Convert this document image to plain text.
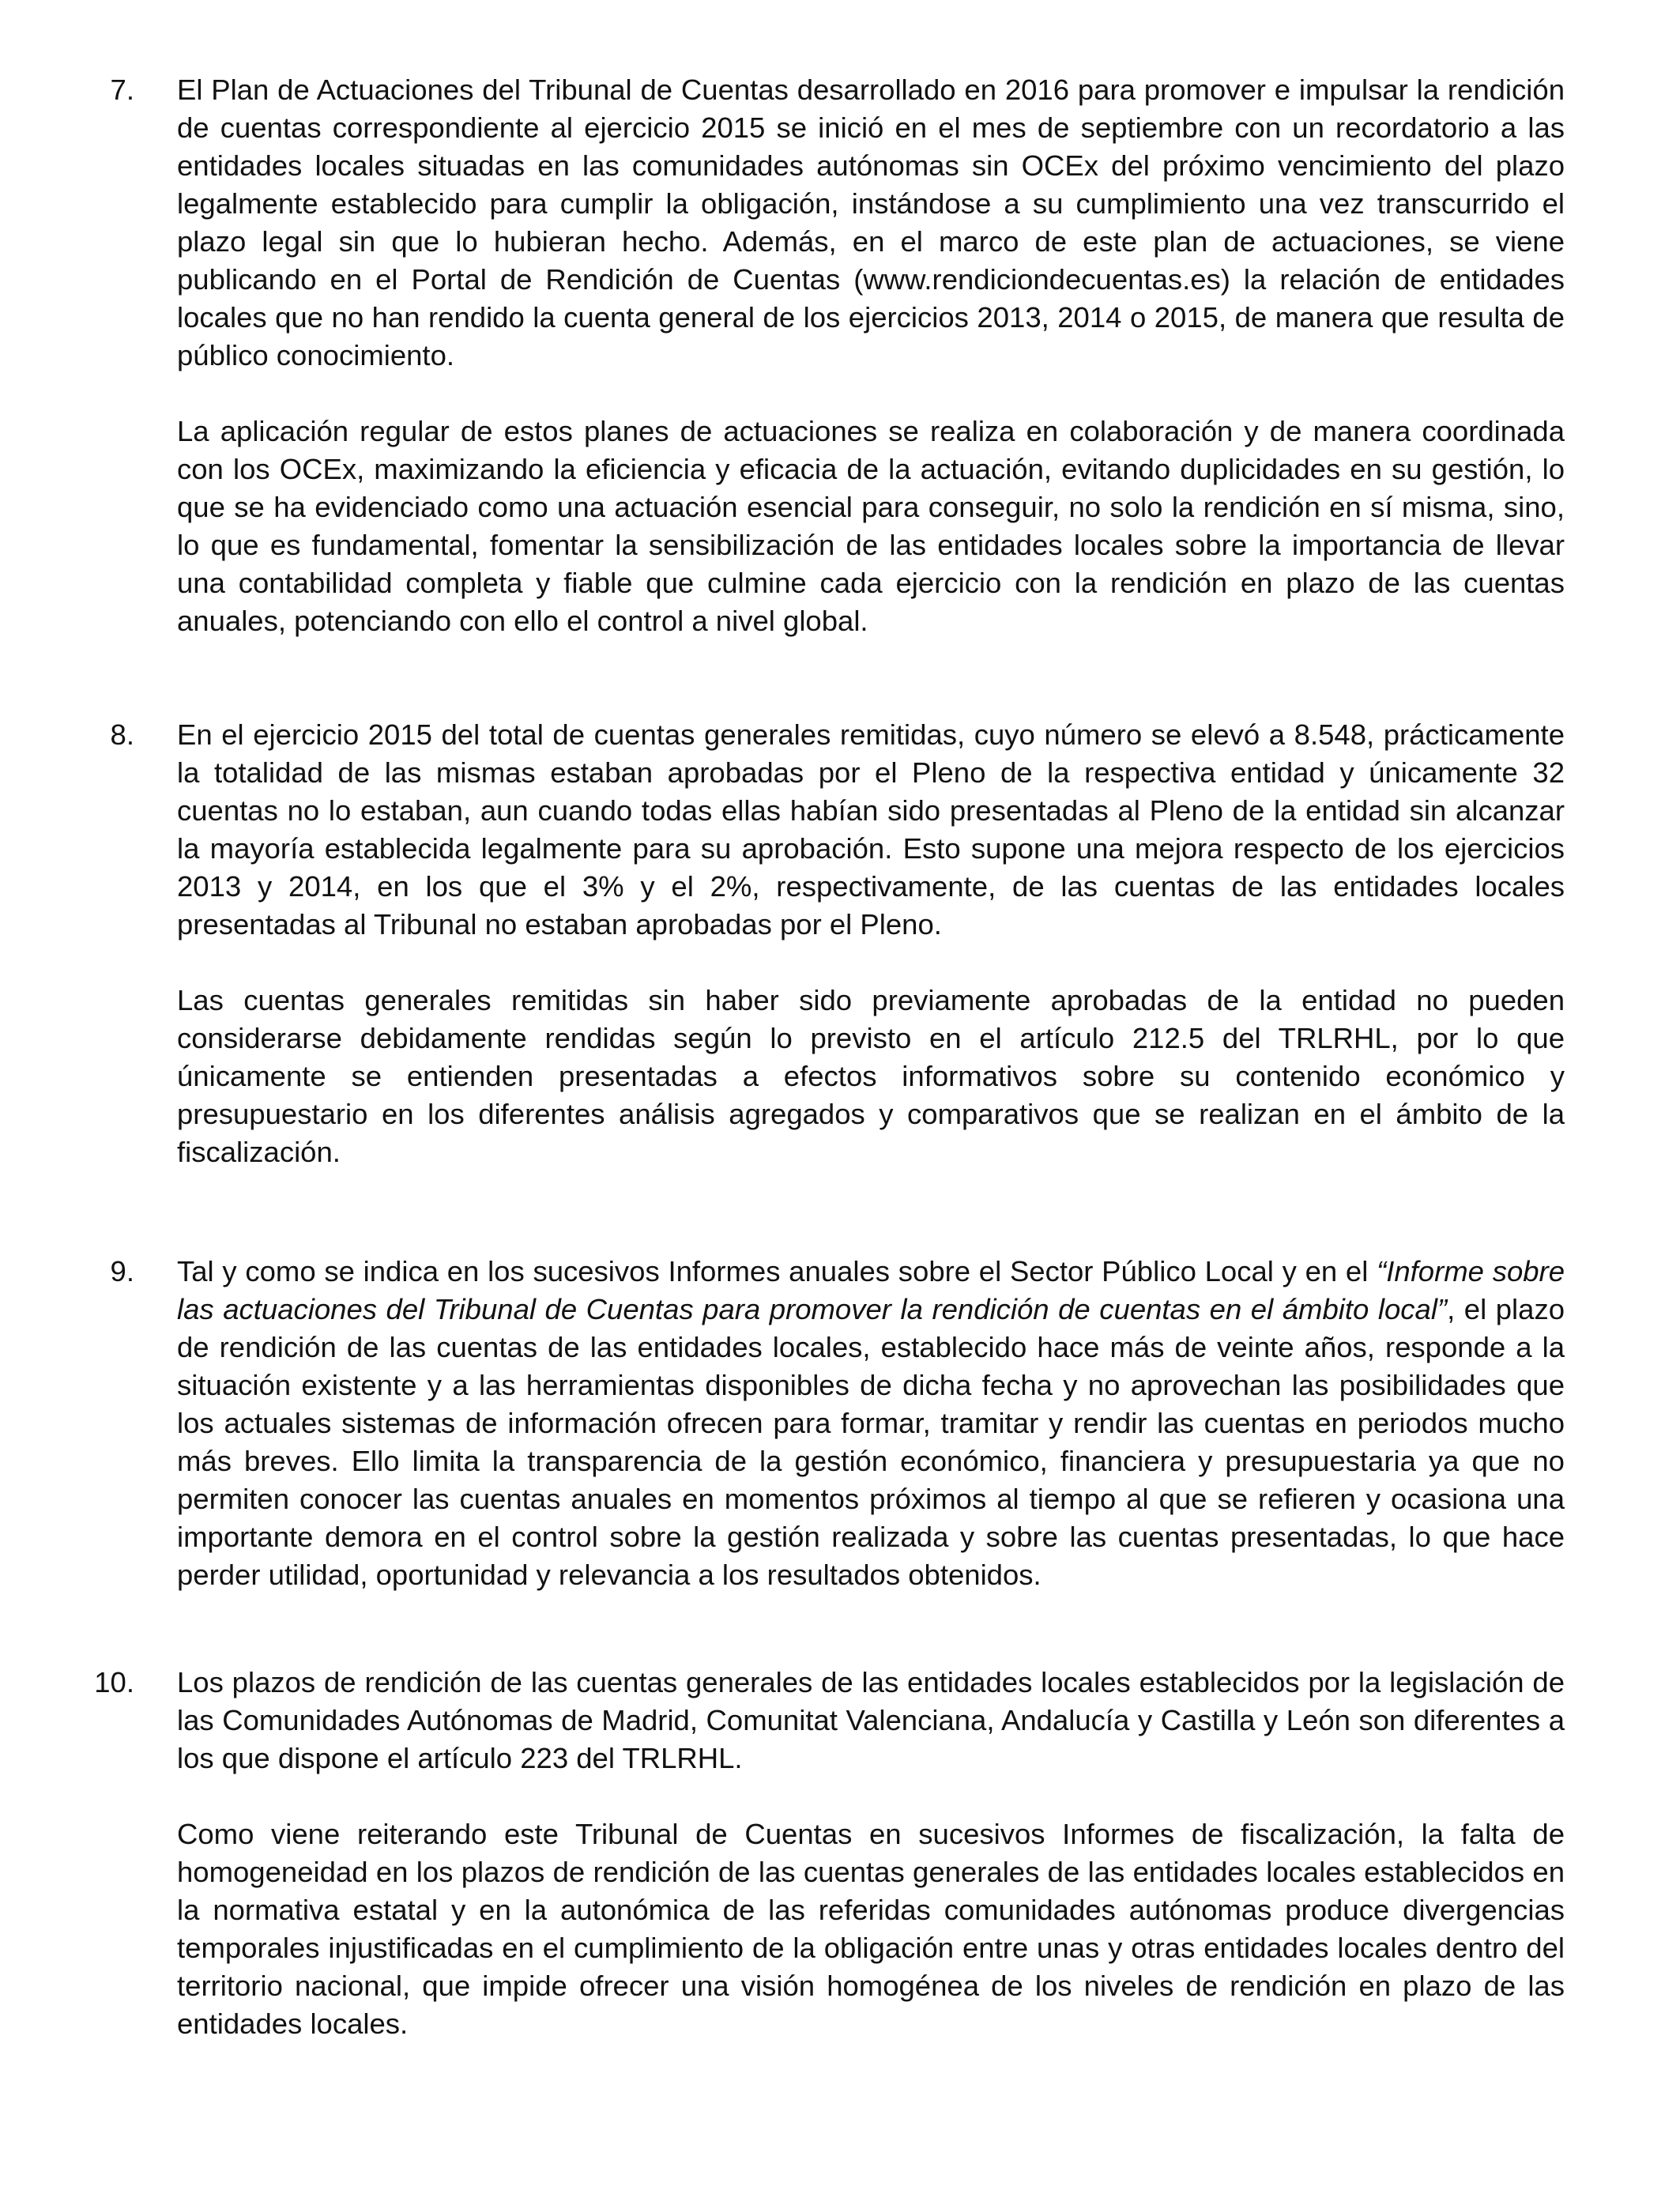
7. El Plan de Actuaciones del Tribunal de Cuentas desarrollado en 2016 para promover e impulsar la rendición de cuentas correspondiente al ejercicio 2015 se inició en el mes de septiembre con un recordatorio a las entidades locales situadas en las comunidades autónomas sin OCEx del próximo vencimiento del plazo legalmente establecido para cumplir la obligación, instándose a su cumplimiento una vez transcurrido el plazo legal sin que lo hubieran hecho. Además, en el marco de este plan de actuaciones, se viene publicando en el Portal de Rendición de Cuentas (www.rendiciondecuentas.es) la relación de entidades locales que no han rendido la cuenta general de los ejercicios 2013, 2014 o 2015, de manera que resulta de público conocimiento.

La aplicación regular de estos planes de actuaciones se realiza en colaboración y de manera coordinada con los OCEx, maximizando la eficiencia y eficacia de la actuación, evitando duplicidades en su gestión, lo que se ha evidenciado como una actuación esencial para conseguir, no solo la rendición en sí misma, sino, lo que es fundamental, fomentar la sensibilización de las entidades locales sobre la importancia de llevar una contabilidad completa y fiable que culmine cada ejercicio con la rendición en plazo de las cuentas anuales, potenciando con ello el control a nivel global.

8. En el ejercicio 2015 del total de cuentas generales remitidas, cuyo número se elevó a 8.548, prácticamente la totalidad de las mismas estaban aprobadas por el Pleno de la respectiva entidad y únicamente 32 cuentas no lo estaban, aun cuando todas ellas habían sido presentadas al Pleno de la entidad sin alcanzar la mayoría establecida legalmente para su aprobación. Esto supone una mejora respecto de los ejercicios 2013 y 2014, en los que el 3% y el 2%, respectivamente, de las cuentas de las entidades locales presentadas al Tribunal no estaban aprobadas por el Pleno.

Las cuentas generales remitidas sin haber sido previamente aprobadas de la entidad no pueden considerarse debidamente rendidas según lo previsto en el artículo 212.5 del TRLRHL, por lo que únicamente se entienden presentadas a efectos informativos sobre su contenido económico y presupuestario en los diferentes análisis agregados y comparativos que se realizan en el ámbito de la fiscalización.

9. Tal y como se indica en los sucesivos Informes anuales sobre el Sector Público Local y en el “Informe sobre las actuaciones del Tribunal de Cuentas para promover la rendición de cuentas en el ámbito local”, el plazo de rendición de las cuentas de las entidades locales, establecido hace más de veinte años, responde a la situación existente y a las herramientas disponibles de dicha fecha y no aprovechan las posibilidades que los actuales sistemas de información ofrecen para formar, tramitar y rendir las cuentas en periodos mucho más breves. Ello limita la transparencia de la gestión económico, financiera y presupuestaria ya que no permiten conocer las cuentas anuales en momentos próximos al tiempo al que se refieren y ocasiona una importante demora en el control sobre la gestión realizada y sobre las cuentas presentadas, lo que hace perder utilidad, oportunidad y relevancia a los resultados obtenidos.

10. Los plazos de rendición de las cuentas generales de las entidades locales establecidos por la legislación de las Comunidades Autónomas de Madrid, Comunitat Valenciana, Andalucía y Castilla y León son diferentes a los que dispone el artículo 223 del TRLRHL.

Como viene reiterando este Tribunal de Cuentas en sucesivos Informes de fiscalización, la falta de homogeneidad en los plazos de rendición de las cuentas generales de las entidades locales establecidos en la normativa estatal y en la autonómica de las referidas comunidades autónomas produce divergencias temporales injustificadas en el cumplimiento de la obligación entre unas y otras entidades locales dentro del territorio nacional, que impide ofrecer una visión homogénea de los niveles de rendición en plazo de las entidades locales.
